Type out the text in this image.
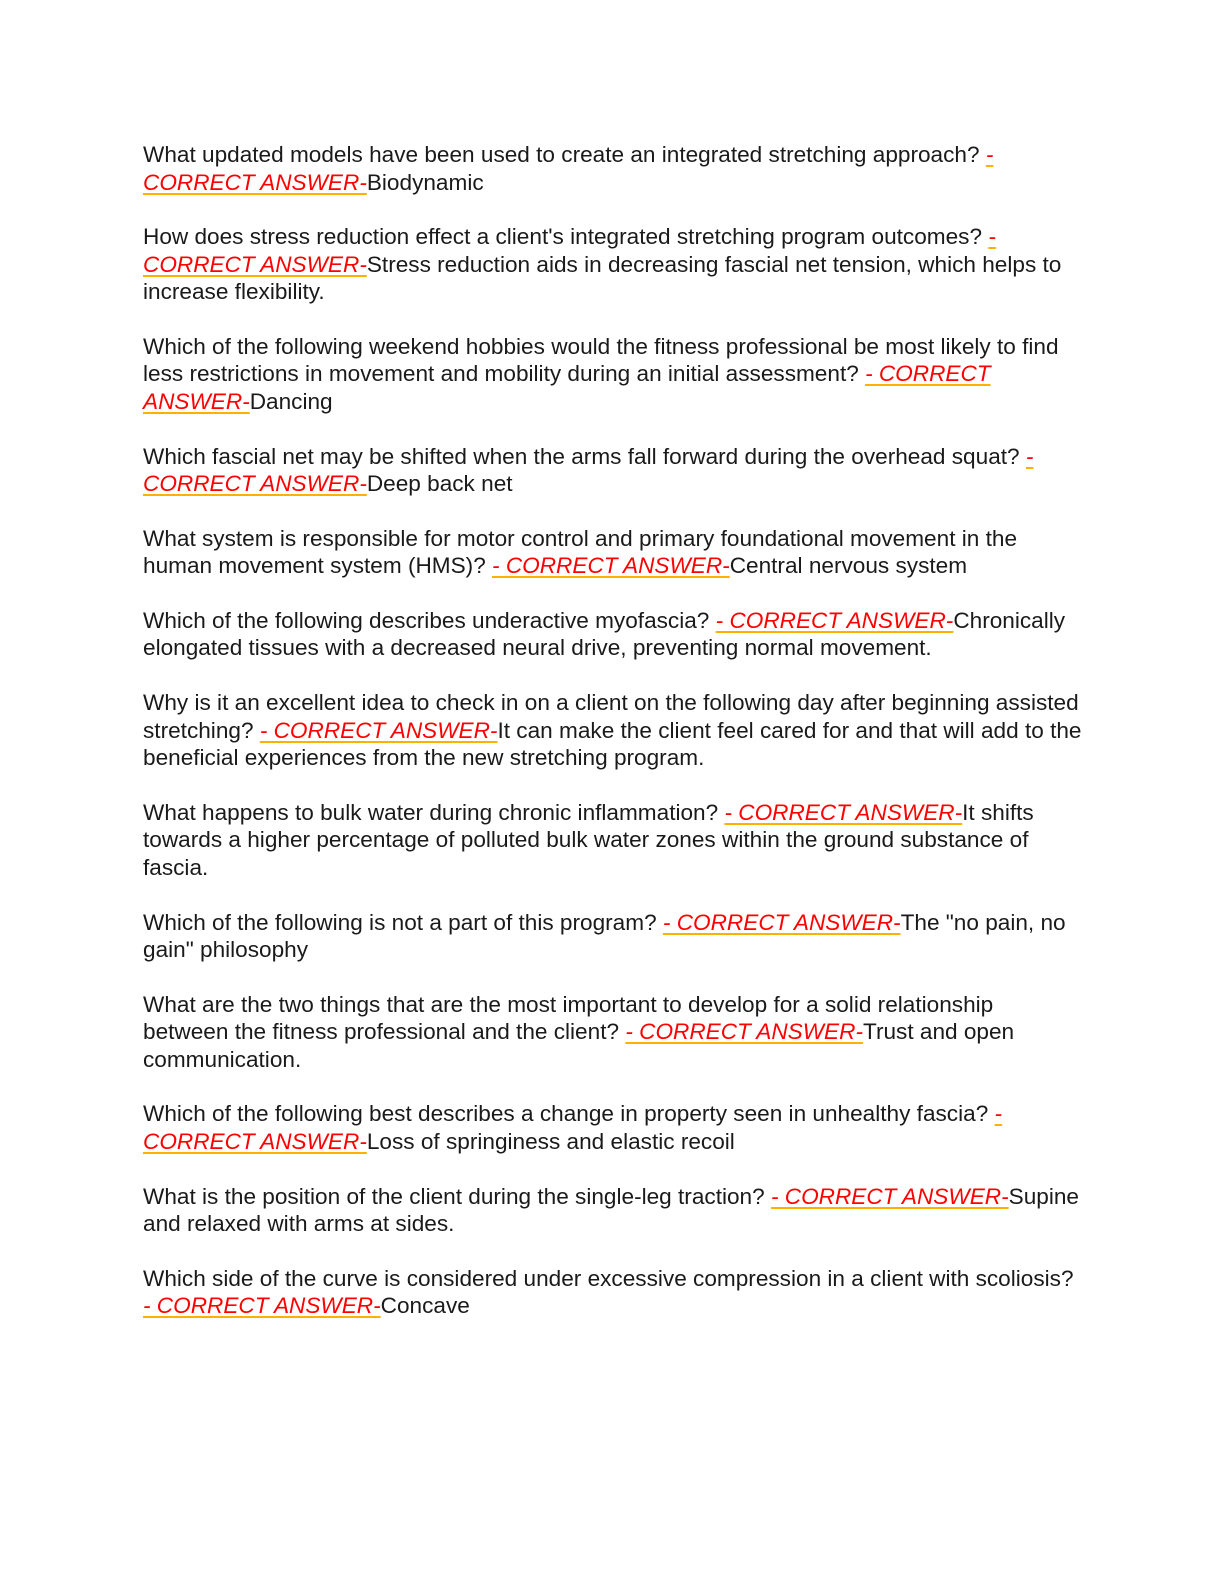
What updated models have been used to create an integrated stretching approach? - CORRECT ANSWER-Biodynamic

How does stress reduction effect a client's integrated stretching program outcomes? - CORRECT ANSWER-Stress reduction aids in decreasing fascial net tension, which helps to increase flexibility.

Which of the following weekend hobbies would the fitness professional be most likely to find less restrictions in movement and mobility during an initial assessment? - CORRECT ANSWER-Dancing

Which fascial net may be shifted when the arms fall forward during the overhead squat? - CORRECT ANSWER-Deep back net

What system is responsible for motor control and primary foundational movement in the human movement system (HMS)? - CORRECT ANSWER-Central nervous system

Which of the following describes underactive myofascia? - CORRECT ANSWER-Chronically elongated tissues with a decreased neural drive, preventing normal movement.

Why is it an excellent idea to check in on a client on the following day after beginning assisted stretching? - CORRECT ANSWER-It can make the client feel cared for and that will add to the beneficial experiences from the new stretching program.

What happens to bulk water during chronic inflammation? - CORRECT ANSWER-It shifts towards a higher percentage of polluted bulk water zones within the ground substance of fascia.

Which of the following is not a part of this program? - CORRECT ANSWER-The "no pain, no gain" philosophy

What are the two things that are the most important to develop for a solid relationship between the fitness professional and the client? - CORRECT ANSWER-Trust and open communication.

Which of the following best describes a change in property seen in unhealthy fascia? - CORRECT ANSWER-Loss of springiness and elastic recoil

What is the position of the client during the single-leg traction? - CORRECT ANSWER-Supine and relaxed with arms at sides.

Which side of the curve is considered under excessive compression in a client with scoliosis? - CORRECT ANSWER-Concave
